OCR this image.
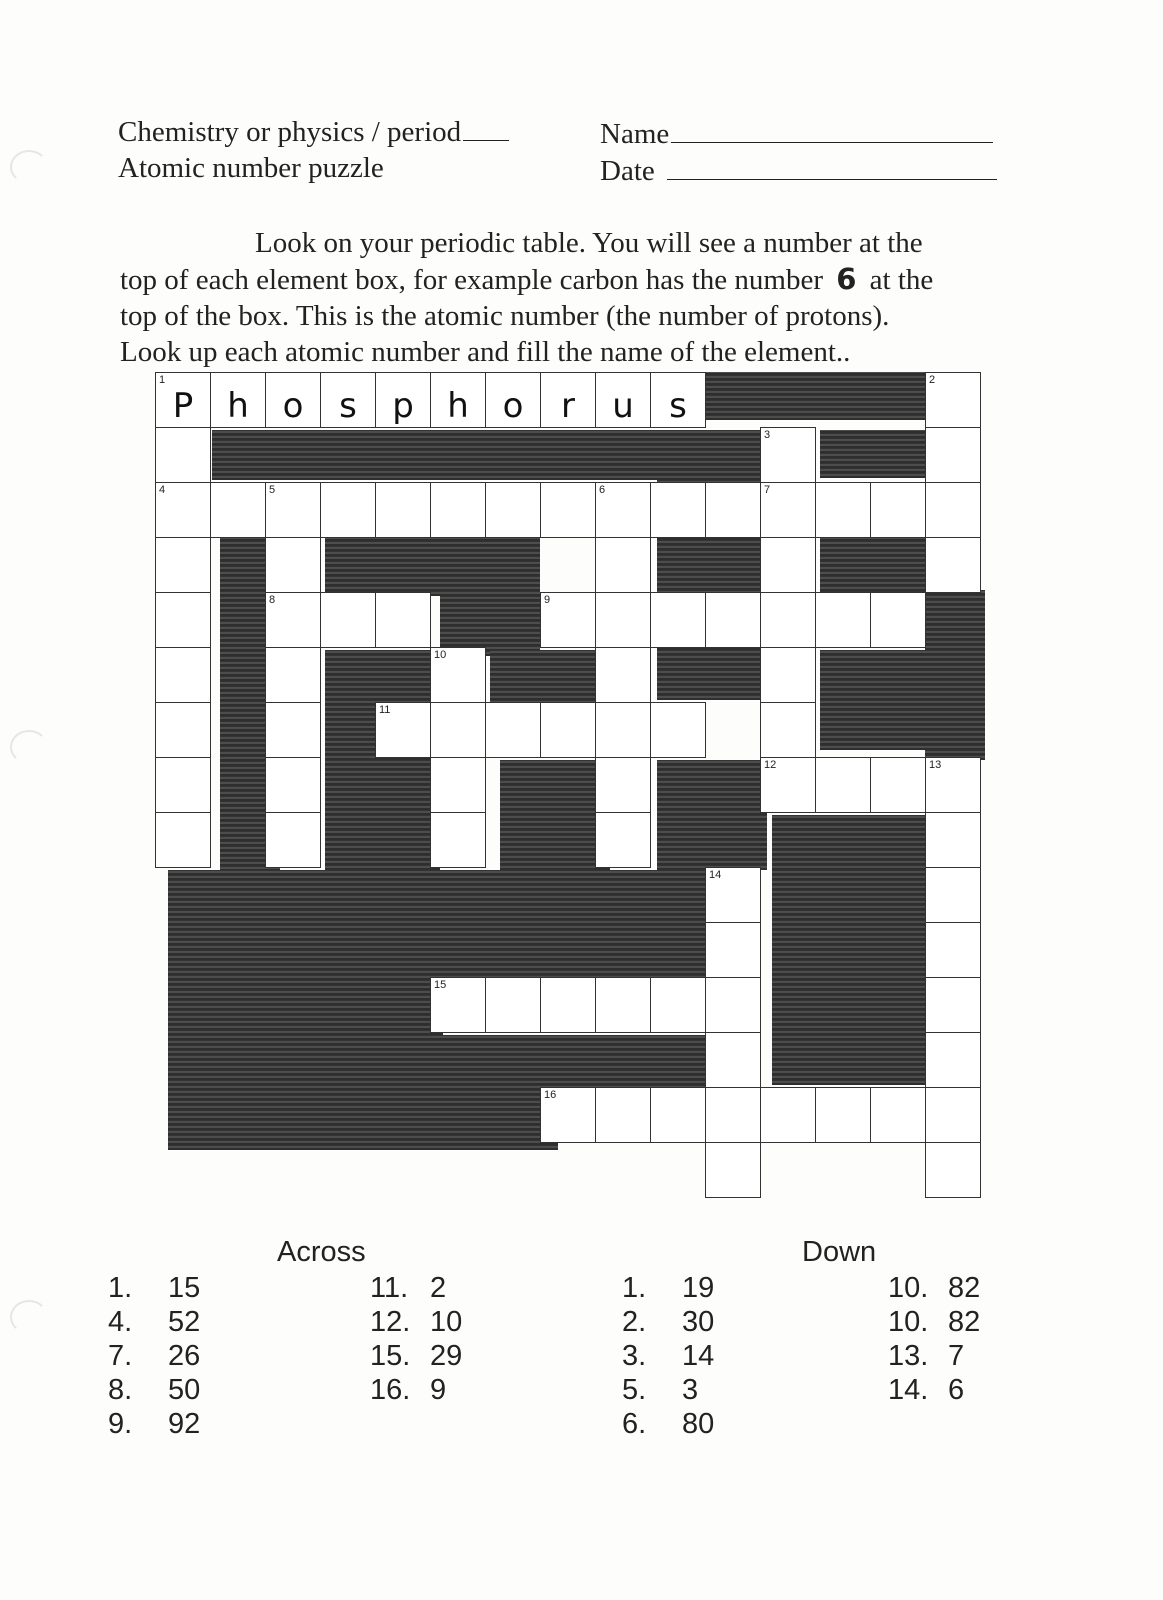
Chemistry or physics / period
Atomic number puzzle
Name
Date

Look on your periodic table. You will see a number at the

top of each element box, for example carbon has the number 6 at the

top of the box. This is the atomic number (the number of protons).

Look up each atomic number and fill the name of the element..

1
P h o	s	p h o	r	u	s
4
2
3
7
5	6
8	9
10
11
12	13
14
15
16
Across	Down
1. 15
4. 52
7. 26
8. 50
9. 92
11. 2
12. 10
15. 29
16. 9
1. 19
2. 30
3. 14
5. 3
6. 80
10. 82
10. 82
13. 7
14. 6
